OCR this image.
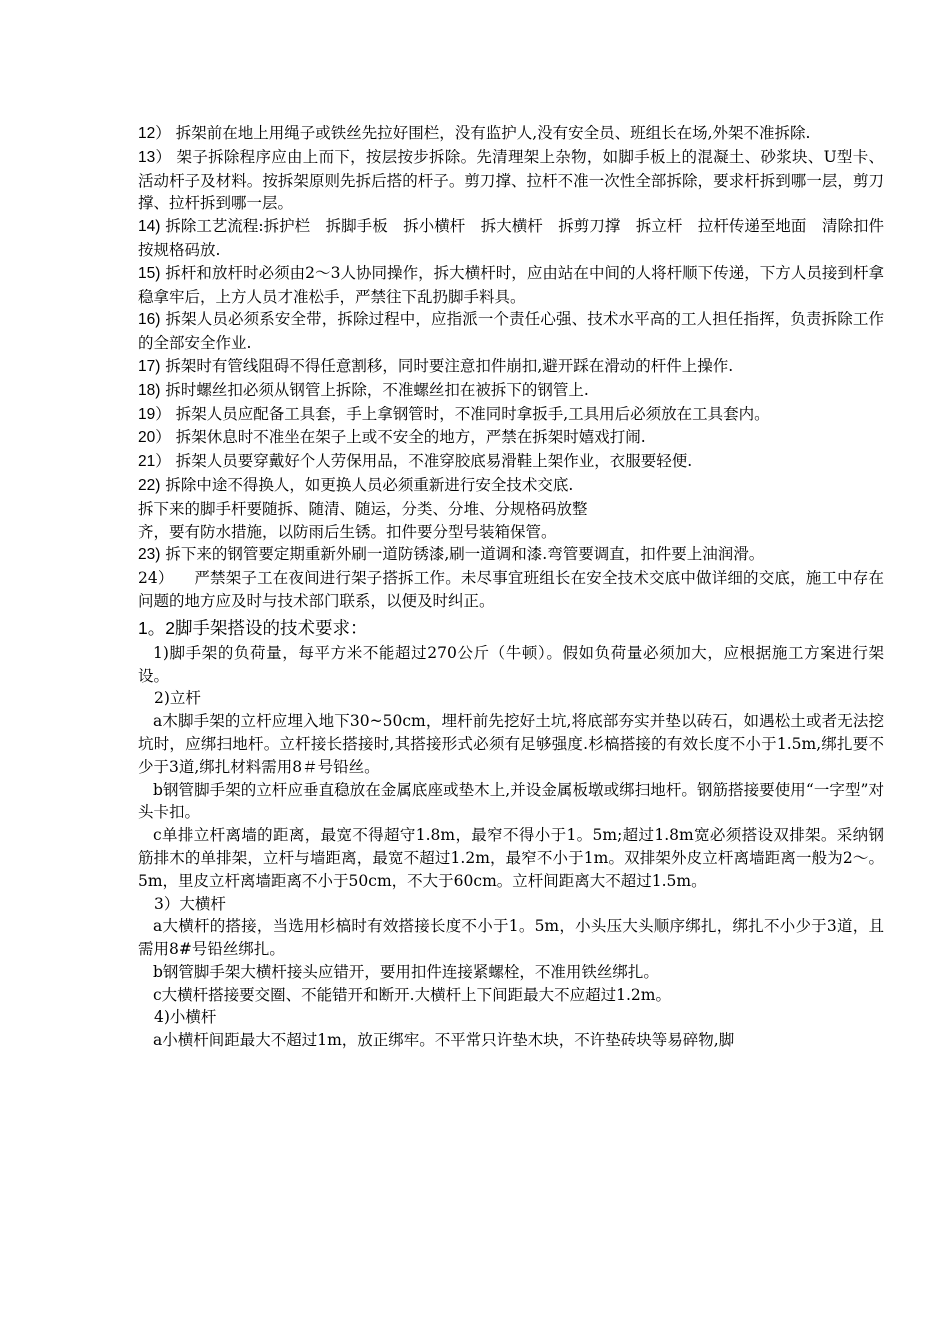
12） 拆架前在地上用绳子或铁丝先拉好围栏，没有监护人,没有安全员、班组长在场,外架不准拆除.

13） 架子拆除程序应由上而下，按层按步拆除。先清理架上杂物，如脚手板上的混凝土、砂浆块、U型卡、活动杆子及材料。按拆架原则先拆后搭的杆子。剪刀撑、拉杆不准一次性全部拆除，要求杆拆到哪一层，剪刀撑、拉杆拆到哪一层。

14) 拆除工艺流程:拆护栏　拆脚手板　拆小横杆　拆大横杆　拆剪刀撑　拆立杆　拉杆传递至地面　清除扣件　按规格码放.

15) 拆杆和放杆时必须由2～3人协同操作，拆大横杆时，应由站在中间的人将杆顺下传递，下方人员接到杆拿稳拿牢后，上方人员才准松手，严禁往下乱扔脚手料具。

16) 拆架人员必须系安全带，拆除过程中，应指派一个责任心强、技术水平高的工人担任指挥，负责拆除工作的全部安全作业.

17) 拆架时有管线阻碍不得任意割移，同时要注意扣件崩扣,避开踩在滑动的杆件上操作.

18) 拆时螺丝扣必须从钢管上拆除，不准螺丝扣在被拆下的钢管上.

19） 拆架人员应配备工具套，手上拿钢管时，不准同时拿扳手,工具用后必须放在工具套内。

20） 拆架休息时不准坐在架子上或不安全的地方，严禁在拆架时嬉戏打闹.

21） 拆架人员要穿戴好个人劳保用品，不准穿胶底易滑鞋上架作业，衣服要轻便.

22) 拆除中途不得换人，如更换人员必须重新进行安全技术交底.

拆下来的脚手杆要随拆、随清、随运，分类、分堆、分规格码放整

齐，要有防水措施，以防雨后生锈。扣件要分型号装箱保管。

23) 拆下来的钢管要定期重新外刷一道防锈漆,刷一道调和漆.弯管要调直，扣件要上油润滑。

24） 　严禁架子工在夜间进行架子搭拆工作。未尽事宜班组长在安全技术交底中做详细的交底，施工中存在问题的地方应及时与技术部门联系，以便及时纠正。

1。2脚手架搭设的技术要求：

1)脚手架的负荷量，每平方米不能超过270公斤（牛顿）。假如负荷量必须加大，应根据施工方案进行架设。

2)立杆

a木脚手架的立杆应埋入地下30~50cm，埋杆前先挖好土坑,将底部夯实并垫以砖石，如遇松土或者无法挖坑时，应绑扫地杆。立杆接长搭接时,其搭接形式必须有足够强度.杉槁搭接的有效长度不小于1.5m,绑扎要不少于3道,绑扎材料需用8＃号铅丝。

b钢管脚手架的立杆应垂直稳放在金属底座或垫木上,并设金属板墩或绑扫地杆。钢筋搭接要使用“一字型”对头卡扣。

c单排立杆离墙的距离，最宽不得超守1.8m，最窄不得小于1。5m;超过1.8m宽必须搭设双排架。采纳钢筋排木的单排架，立杆与墙距离，最宽不超过1.2m，最窄不小于1m。双排架外皮立杆离墙距离一般为2～。5m，里皮立杆离墙距离不小于50cm，不大于60cm。立杆间距离大不超过1.5m。

3）大横杆

a大横杆的搭接，当选用杉槁时有效搭接长度不小于1。5m，小头压大头顺序绑扎，绑扎不小少于3道，且需用8#号铅丝绑扎。

b钢管脚手架大横杆接头应错开，要用扣件连接紧螺栓，不准用铁丝绑扎。

c大横杆搭接要交圈、不能错开和断开.大横杆上下间距最大不应超过1.2m。

4)小横杆

a小横杆间距最大不超过1m，放正绑牢。不平常只许垫木块，不许垫砖块等易碎物,脚
